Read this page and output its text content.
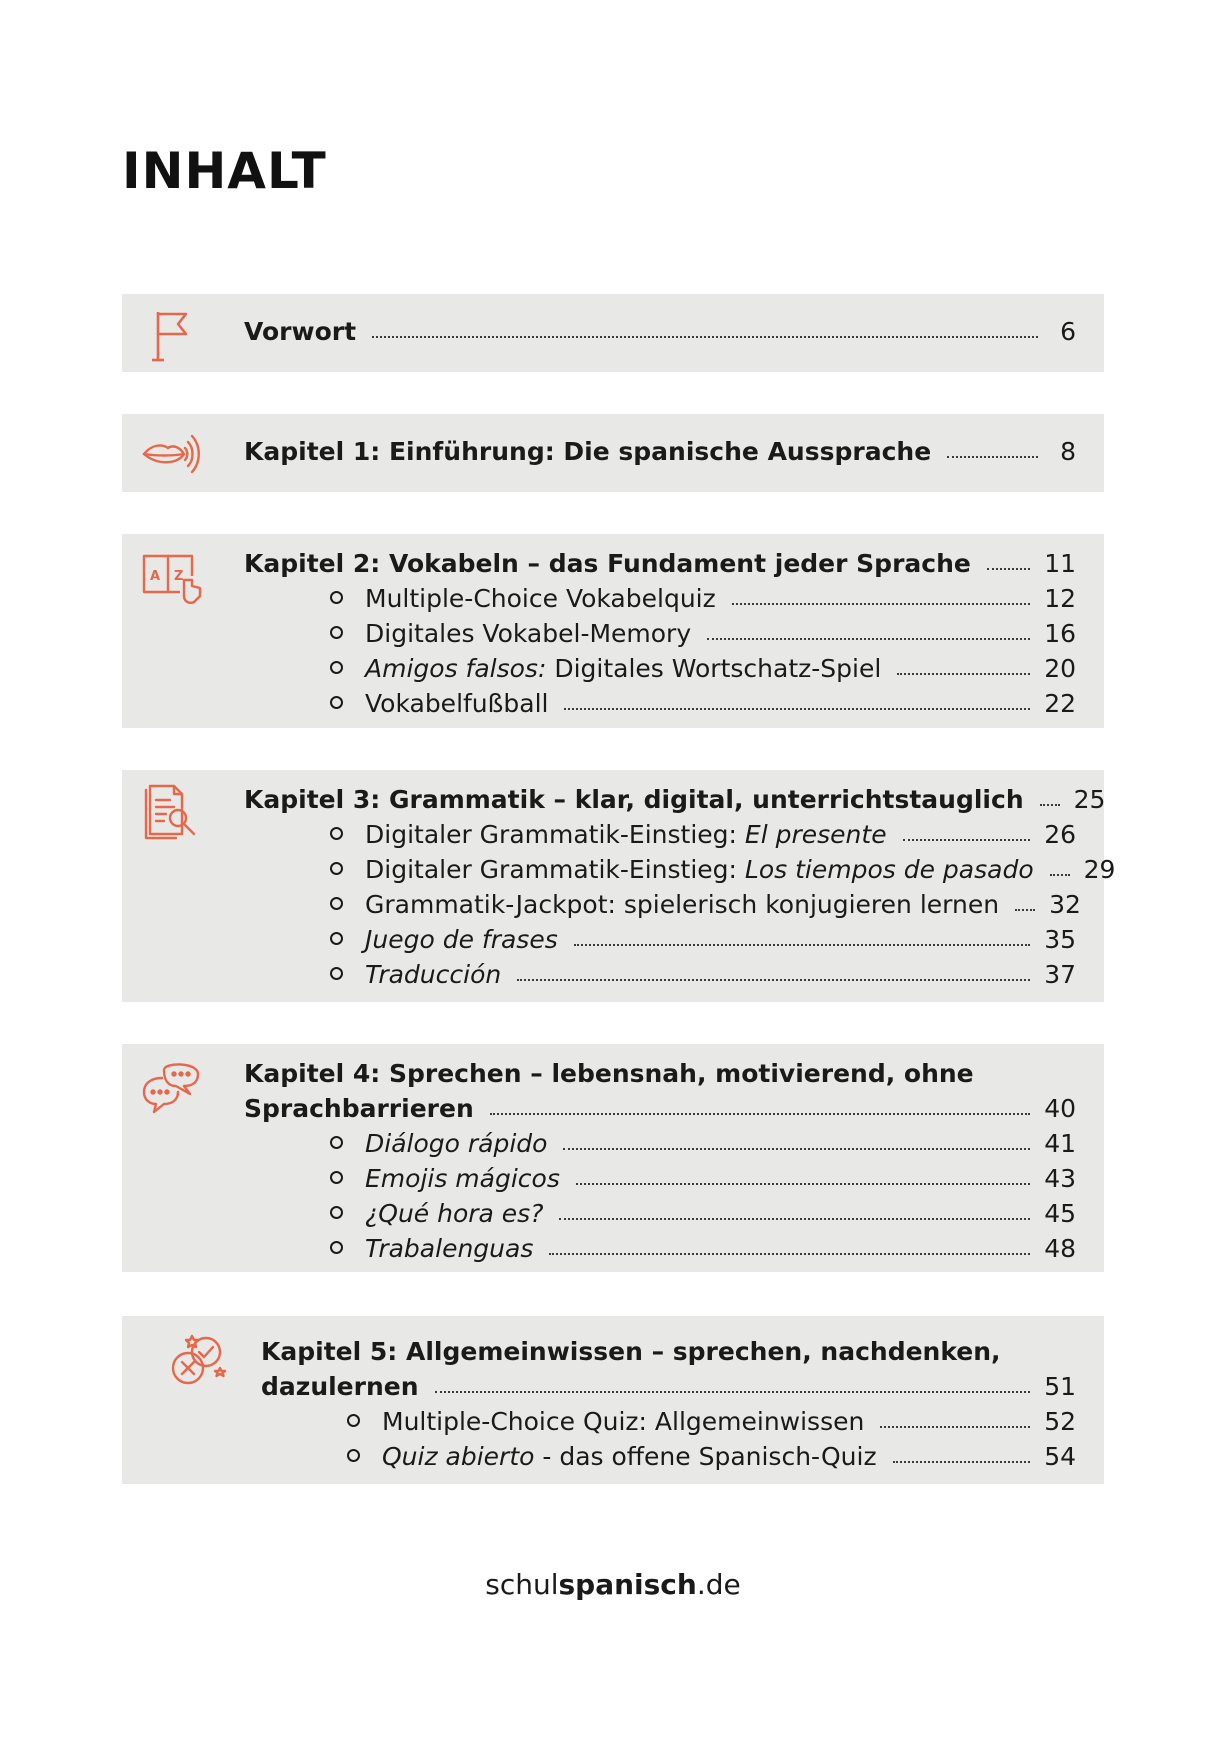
INHALT
Vorwort	6
Kapitel 1: Einführung: Die spanische Aussprache	8
A Z Kapitel 2: Vokabeln – das Fundament jeder Sprache	11
Multiple-Choice Vokabelquiz	12
Digitales Vokabel-Memory	16
Amigos falsos: Digitales Wortschatz-Spiel	20
Vokabelfußball	22
Kapitel 3: Grammatik – klar, digital, unterrichtstauglich 25
Digitaler Grammatik-Einstieg: El presente	26
Digitaler Grammatik-Einstieg: Los tiempos de pasado 29
Grammatik-Jackpot: spielerisch konjugieren lernen 32
Juego de frases	35
Traducción	37
Kapitel 4: Sprechen – lebensnah, motivierend, ohne
Sprachbarrieren	40
Diálogo rápido	41
Emojis mágicos	43
¿Qué hora es?	45
Trabalenguas	48
Kapitel 5: Allgemeinwissen – sprechen, nachdenken,
dazulernen	51
Multiple-Choice Quiz: Allgemeinwissen	52
Quiz abierto - das offene Spanisch-Quiz	54
schulspanisch.de
